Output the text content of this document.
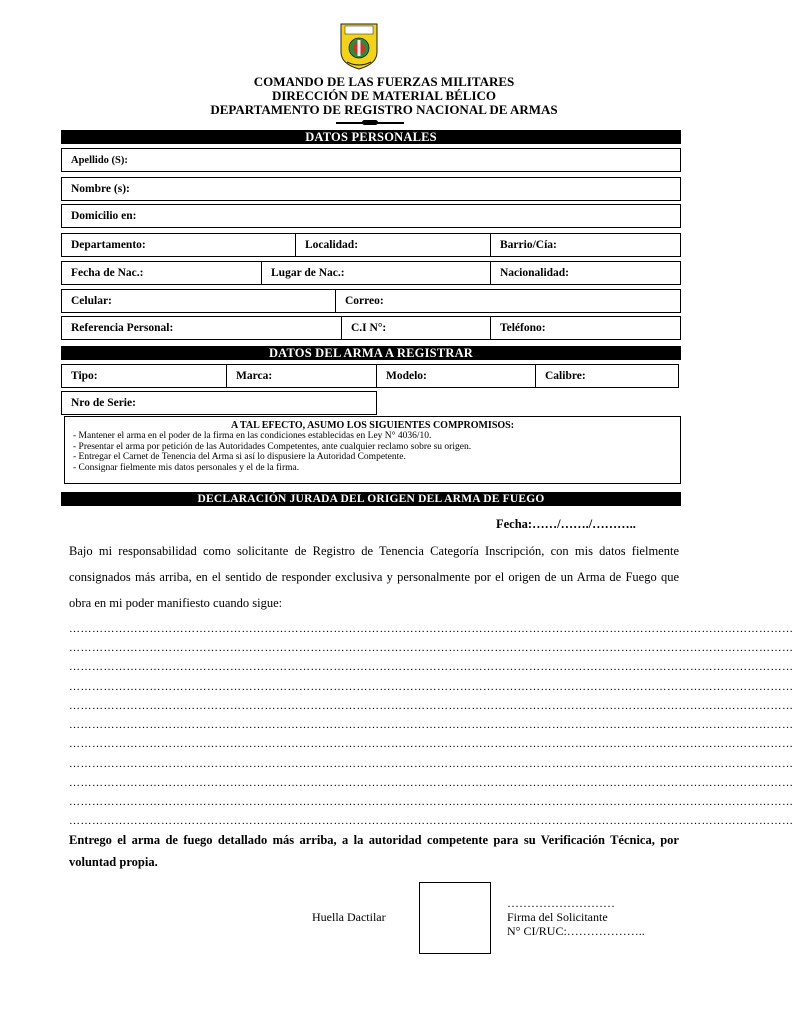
COMANDO DE LAS FUERZAS MILITARES
DIRECCIÓN DE MATERIAL BÉLICO
DEPARTAMENTO DE REGISTRO NACIONAL DE ARMAS
DATOS PERSONALES
Apellido (S):
Nombre (s):
Domicilio en:
Departamento:	Localidad:	Barrio/Cía:
Fecha de Nac.:	Lugar de Nac.:	Nacionalidad:
Celular:	Correo:
Referencia Personal:	C.I N°:	Teléfono:
DATOS DEL ARMA A REGISTRAR
Tipo:	Marca:	Modelo:	Calibre:
Nro de Serie:
A TAL EFECTO, ASUMO LOS SIGUIENTES COMPROMISOS:
- Mantener el arma en el poder de la firma en las condiciones establecidas en Ley N° 4036/10.
- Presentar el arma por petición de las Autoridades Competentes, ante cualquier reclamo sobre su origen.
- Entregar el Carnet de Tenencia del Arma si así lo dispusiere la Autoridad Competente.
- Consignar fielmente mis datos personales y el de la firma.
DECLARACIÓN JURADA DEL ORIGEN DEL ARMA DE FUEGO
Fecha:……/……./………..
Bajo mi responsabilidad como solicitante de Registro de Tenencia Categoría Inscripción, con mis datos fielmente consignados más arriba, en el sentido de responder exclusiva y personalmente por el origen de un Arma de Fuego que obra en mi poder manifiesto cuando sigue:
………………………………………………………………………………………………………………………………………………………………………
………………………………………………………………………………………………………………………………………………………………………
………………………………………………………………………………………………………………………………………………………………………
………………………………………………………………………………………………………………………………………………………………………
………………………………………………………………………………………………………………………………………………………………………
………………………………………………………………………………………………………………………………………………………………………
………………………………………………………………………………………………………………………………………………………………………
………………………………………………………………………………………………………………………………………………………………………
………………………………………………………………………………………………………………………………………………………………………
………………………………………………………………………………………………………………………………………………………………………
………………………………………………………………………………………………………………………………………………………………………
Entrego el arma de fuego detallado más arriba, a la autoridad competente para su Verificación Técnica, por voluntad propia.
Huella Dactilar
………………………
Firma del Solicitante
N° CI/RUC:………………..
